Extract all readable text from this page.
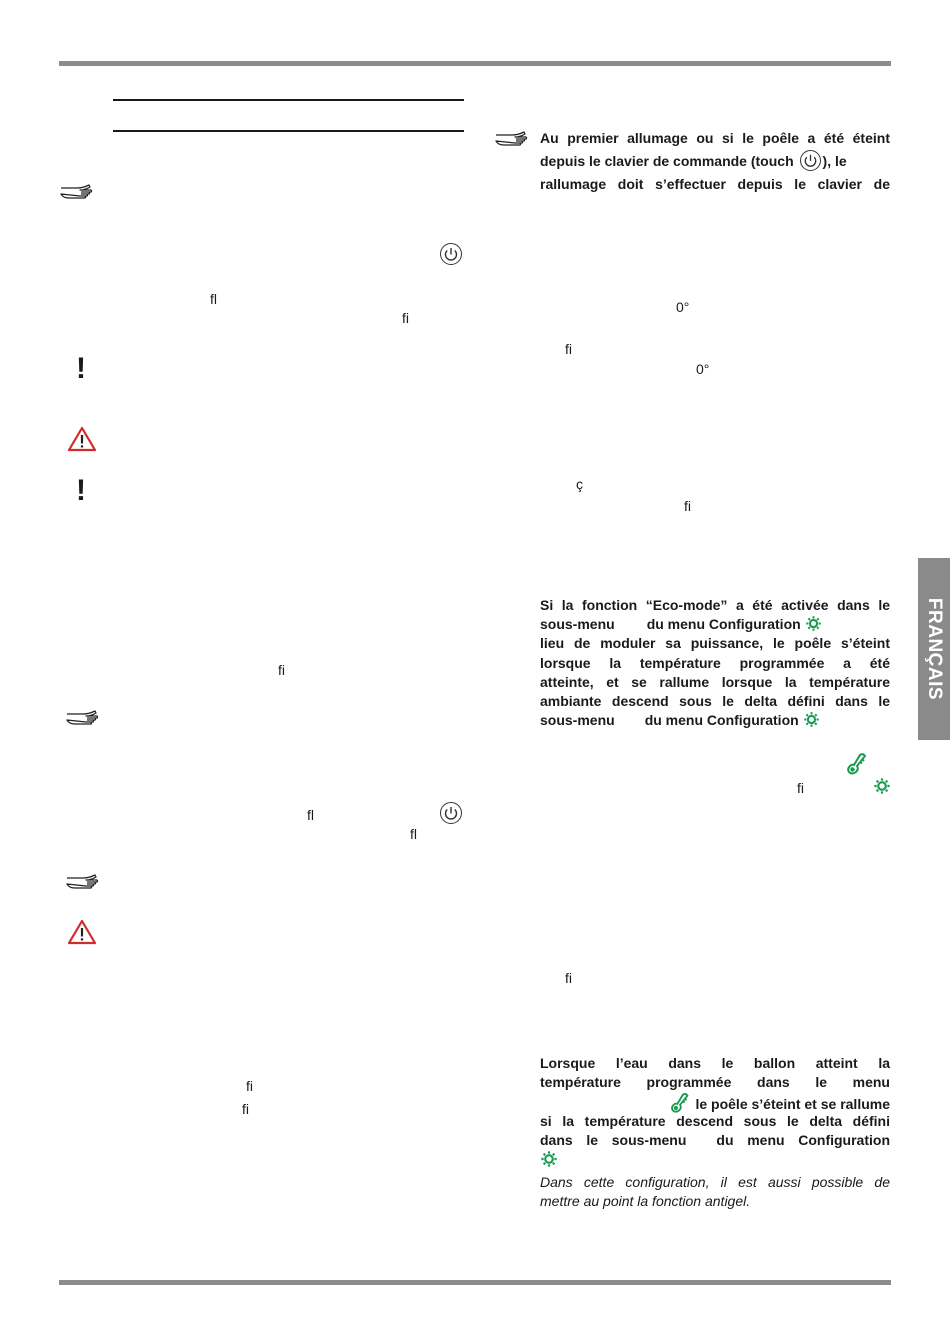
FRANÇAIS
ﬂ
ﬁ
!
!
ﬁ
ﬂ
ﬂ
ﬁ
ﬁ
Au premier allumage ou si le poêle a été éteint
depuis le clavier de commande (touch ), le
rallumage doit s’effectuer depuis le clavier de
0°
ﬁ
0°
ç
ﬁ
Si la fonction “Eco-mode” a été activée dans le
sous-menu du menu Configuration
lieu de moduler sa puissance, le poêle s’éteint
lorsque la température programmée a été
atteinte, et se rallume lorsque la température
ambiante descend sous le delta défini dans le
sous-menu du menu Configuration
ﬁ
ﬁ
Lorsque l’eau dans le ballon atteint la
température programmée dans le menu
le poêle s’éteint et se rallume
si la température descend sous le delta défini
dans le sous-menu du menu Configuration
Dans cette configuration, il est aussi possible de
mettre au point la fonction antigel.
